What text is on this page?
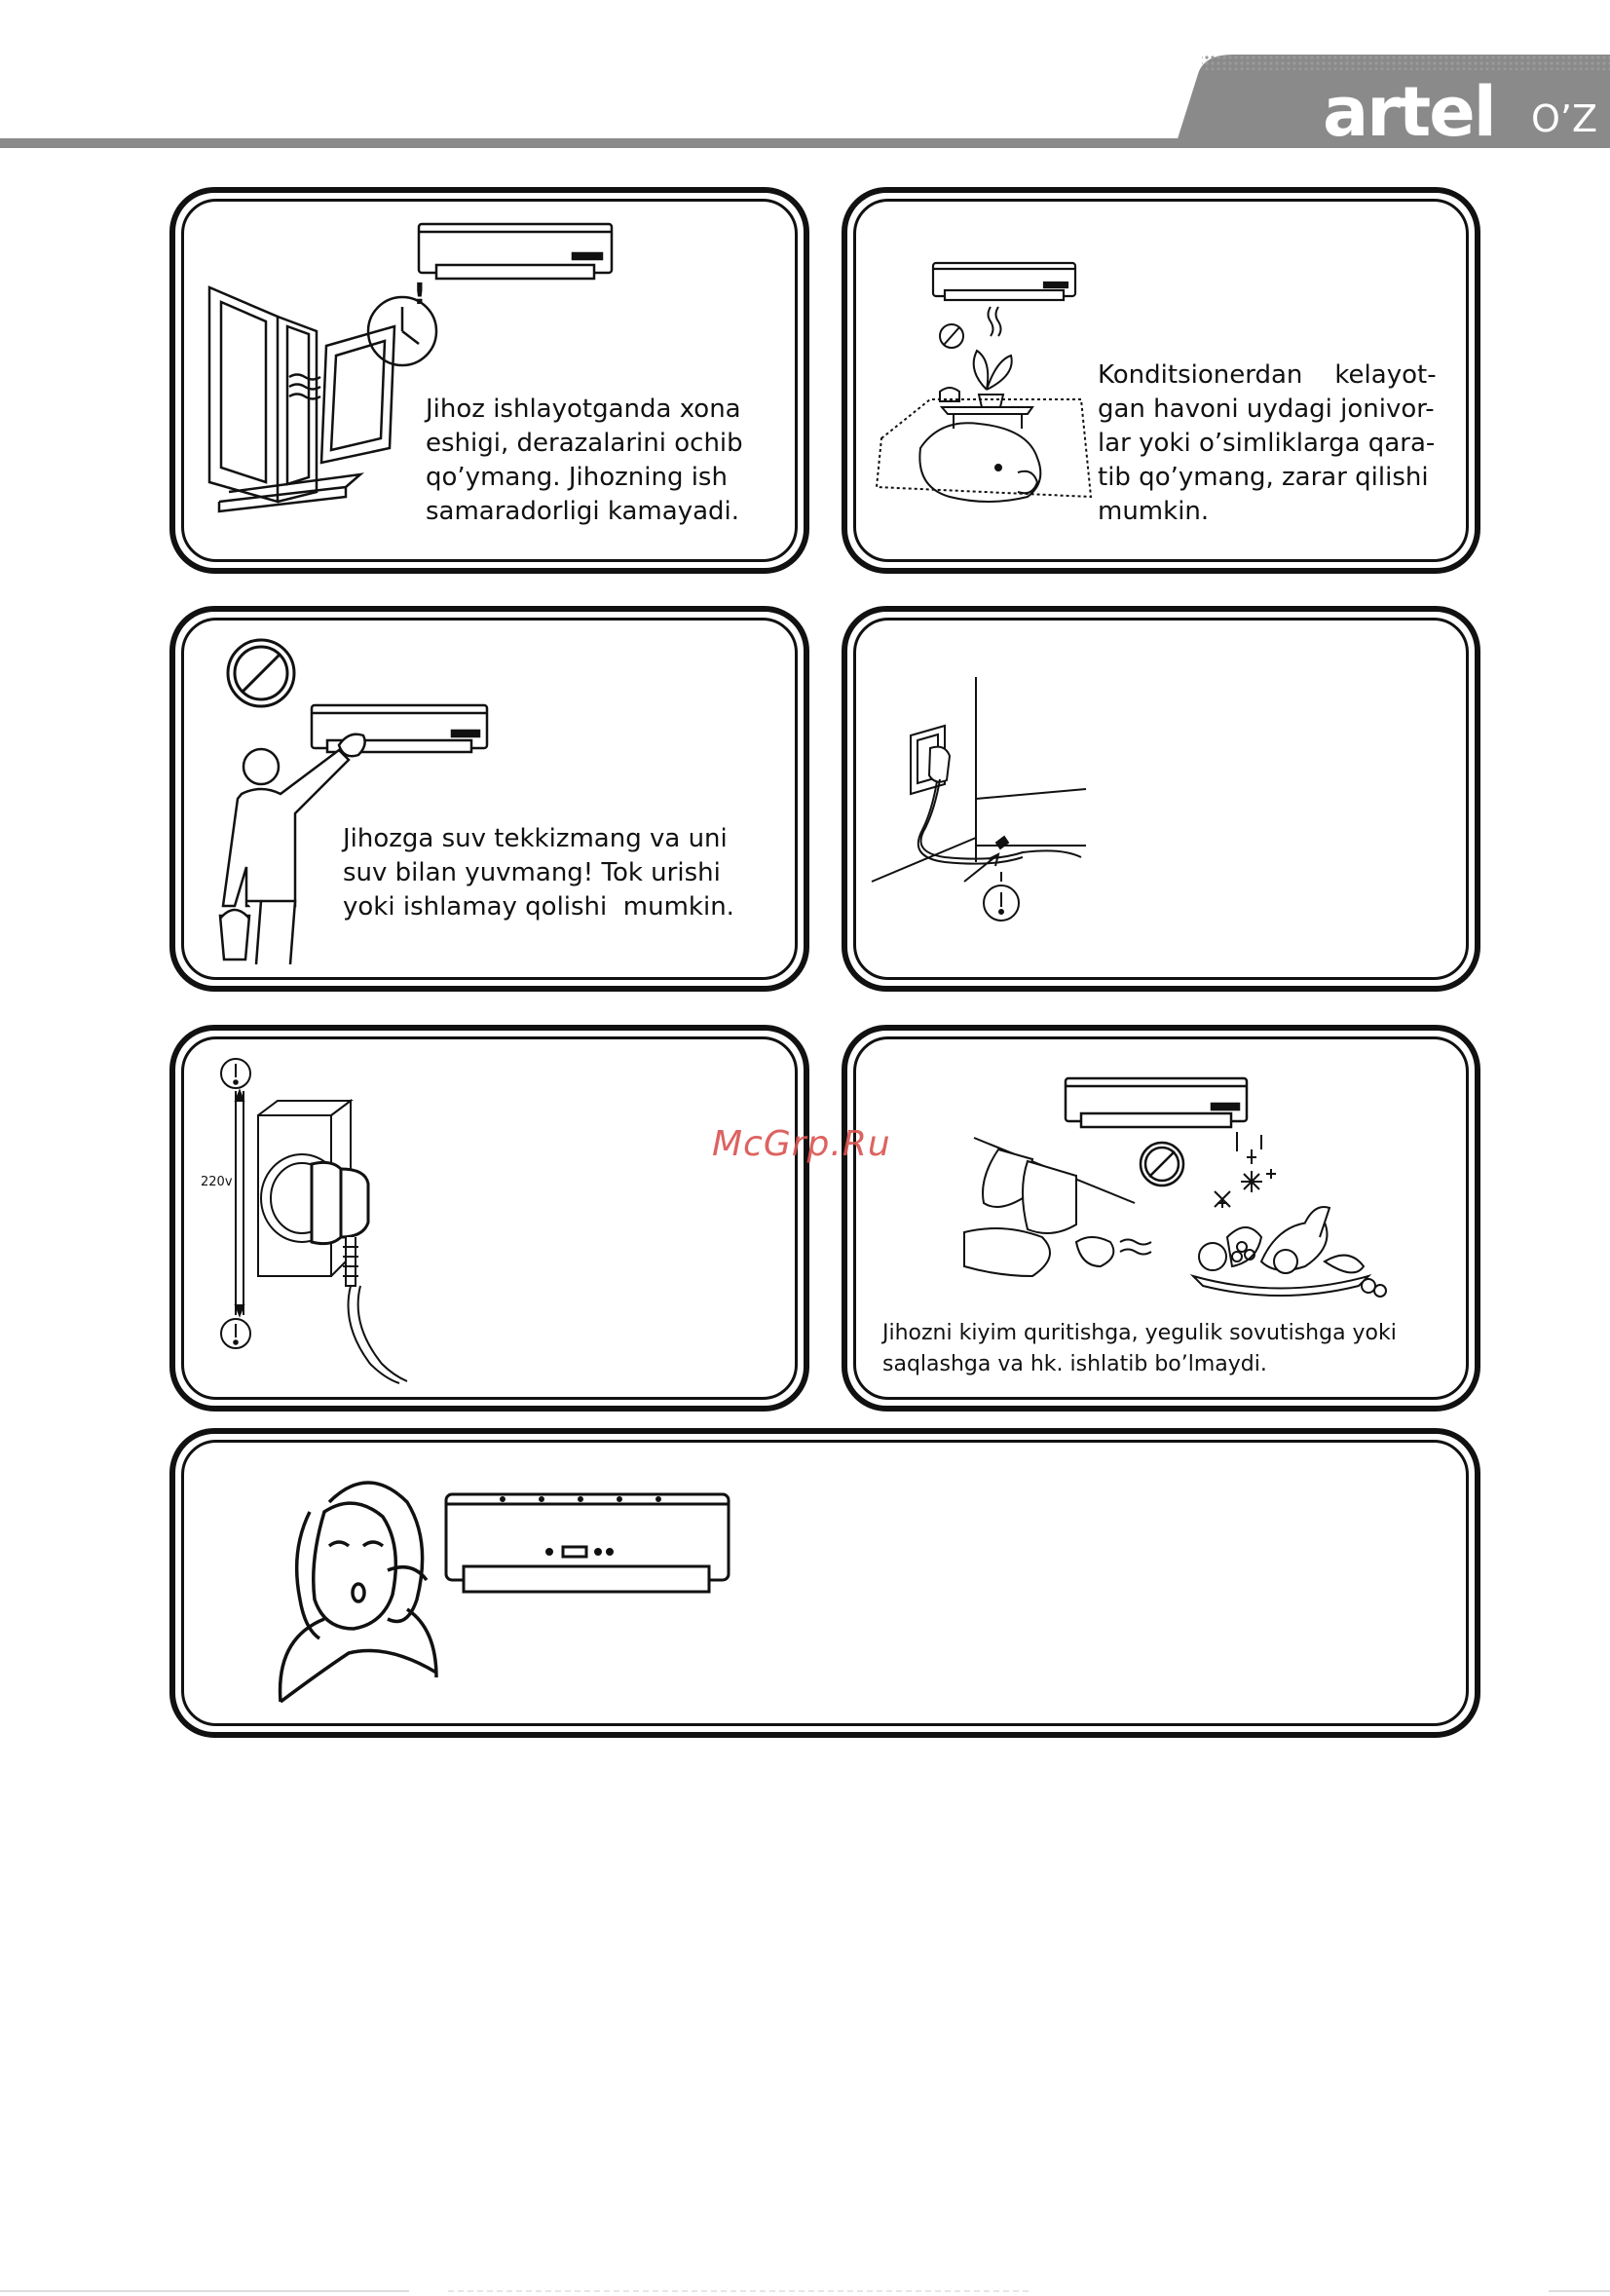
artel O’Z
!
Jihoz ishlayotganda xona
eshigi, derazalarini ochib
qo’ymang. Jihozning ish
samaradorligi kamayadi.
Konditsionerdan    kelayot-
gan havoni uydagi jonivor-
lar yoki o’simliklarga qara-
tib qo’ymang, zarar qilishi
mumkin.
Jihozga suv tekkizmang va uni
suv bilan yuvmang! Tok urishi
yoki ishlamay qolishi  mumkin.
220v
Jihozni kiyim quritishga, yegulik sovutishga yoki
saqlashga va hk. ishlatib bo’lmaydi.
McGrp.Ru
